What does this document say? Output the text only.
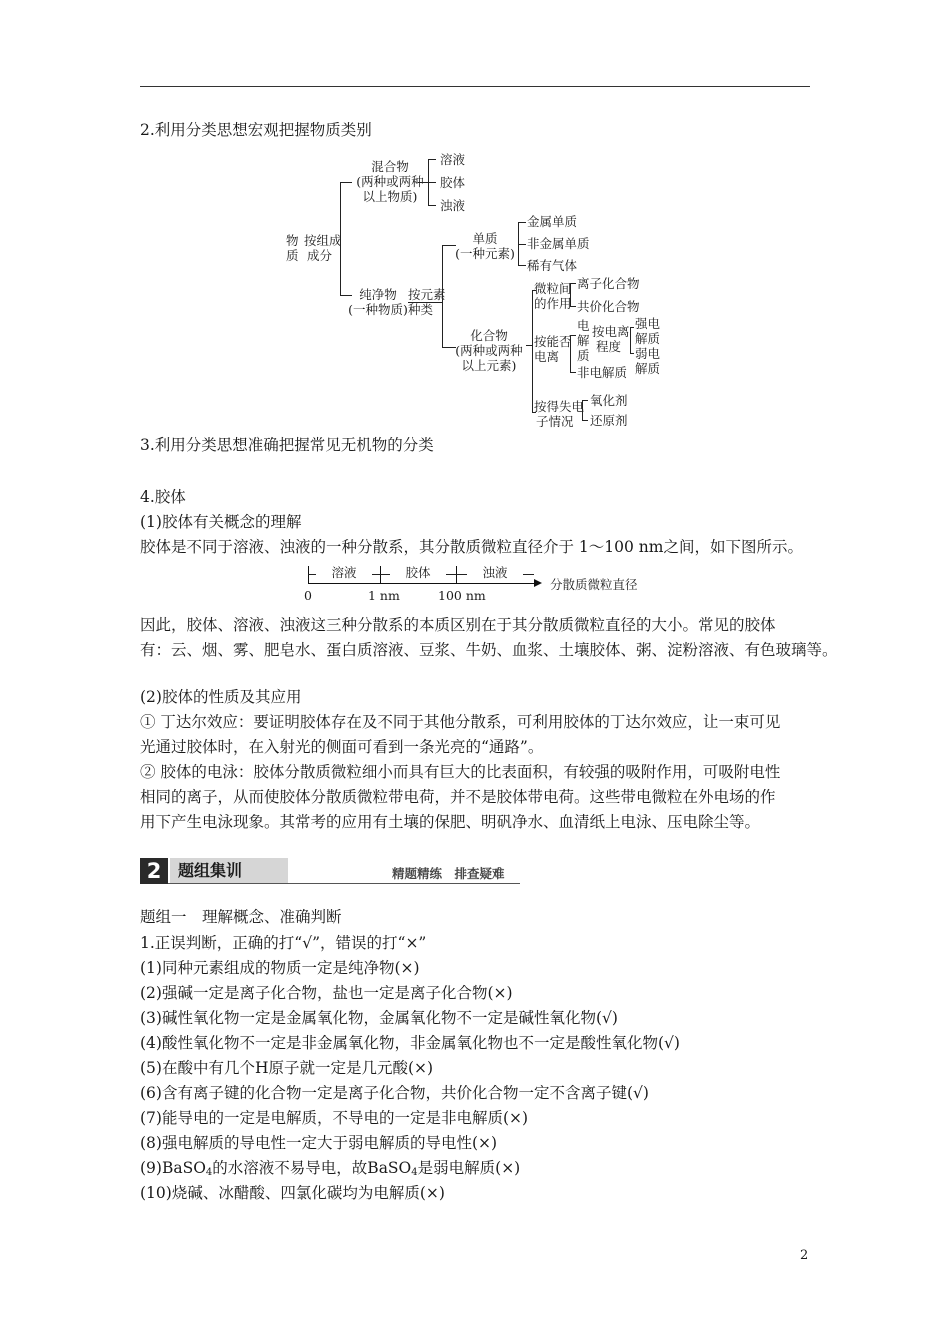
2.利用分类思想宏观把握物质类别
物
质
按组成
成分
混合物
(两种或两种
以上物质)
溶液
胶体
浊液
纯净物
(一种物质)
按元素
种类
单质
(一种元素)
金属单质
非金属单质
稀有气体
化合物
(两种或两种
以上元素)
微粒间
的作用
离子化合物
共价化合物
按能否
电离
电
解
质
按电离
程度
强电
解质
弱电
解质
非电解质
按得失电
子情况
氧化剂
还原剂
3.利用分类思想准确把握常见无机物的分类
4.胶体
(1)胶体有关概念的理解
胶体是不同于溶液、浊液的一种分散系，其分散质微粒直径介于 1～100 nm之间，如下图所示。
溶液	胶体	浊液
0	1 nm	100 nm
分散质微粒直径
因此，胶体、溶液、浊液这三种分散系的本质区别在于其分散质微粒直径的大小。常见的胶体
有：云、烟、雾、肥皂水、蛋白质溶液、豆浆、牛奶、血浆、土壤胶体、粥、淀粉溶液、有色玻璃等。
(2)胶体的性质及其应用
① 丁达尔效应：要证明胶体存在及不同于其他分散系，可利用胶体的丁达尔效应，让一束可见
光通过胶体时，在入射光的侧面可看到一条光亮的“通路”。
② 胶体的电泳：胶体分散质微粒细小而具有巨大的比表面积，有较强的吸附作用，可吸附电性
相同的离子，从而使胶体分散质微粒带电荷，并不是胶体带电荷。这些带电微粒在外电场的作
用下产生电泳现象。其常考的应用有土壤的保肥、明矾净水、血清纸上电泳、压电除尘等。
2	题组集训	精题精练　排查疑难
题组一　理解概念、准确判断
1.正误判断，正确的打“√”，错误的打“×”
(1)同种元素组成的物质一定是纯净物(×)
(2)强碱一定是离子化合物，盐也一定是离子化合物(×)
(3)碱性氧化物一定是金属氧化物，金属氧化物不一定是碱性氧化物(√)
(4)酸性氧化物不一定是非金属氧化物，非金属氧化物也不一定是酸性氧化物(√)
(5)在酸中有几个H原子就一定是几元酸(×)
(6)含有离子键的化合物一定是离子化合物，共价化合物一定不含离子键(√)
(7)能导电的一定是电解质，不导电的一定是非电解质(×)
(8)强电解质的导电性一定大于弱电解质的导电性(×)
(9)BaSO$_4$的水溶液不易导电，故BaSO$_4$是弱电解质(×)
(10)烧碱、冰醋酸、四氯化碳均为电解质(×)
2
